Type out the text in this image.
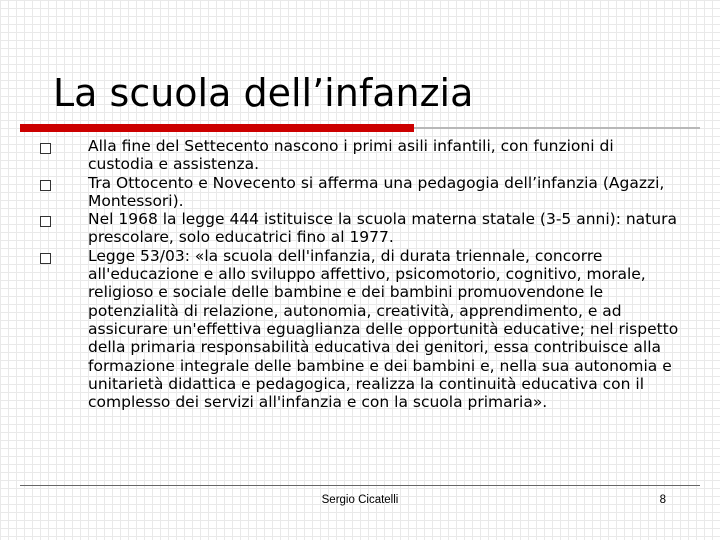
La scuola dell’infanzia
Alla fine del Settecento nascono i primi asili infantili, con funzioni di custodia e assistenza.
Tra Ottocento e Novecento si afferma una pedagogia dell’infanzia (Agazzi, Montessori).
Nel 1968 la legge 444 istituisce la scuola materna statale (3-5 anni): natura prescolare, solo educatrici fino al 1977.
Legge 53/03: «la scuola dell'infanzia, di durata triennale, concorre all'educazione e allo sviluppo affettivo, psicomotorio, cognitivo, morale, religioso e sociale delle bambine e dei bambini promuovendone le potenzialità di relazione, autonomia, creatività, apprendimento, e ad assicurare un'effettiva eguaglianza delle opportunità educative; nel rispetto della primaria responsabilità educativa dei genitori, essa contribuisce alla formazione integrale delle bambine e dei bambini e, nella sua autonomia e unitarietà didattica e pedagogica, realizza la continuità educativa con il complesso dei servizi all'infanzia e con la scuola primaria».
Sergio Cicatelli	8
